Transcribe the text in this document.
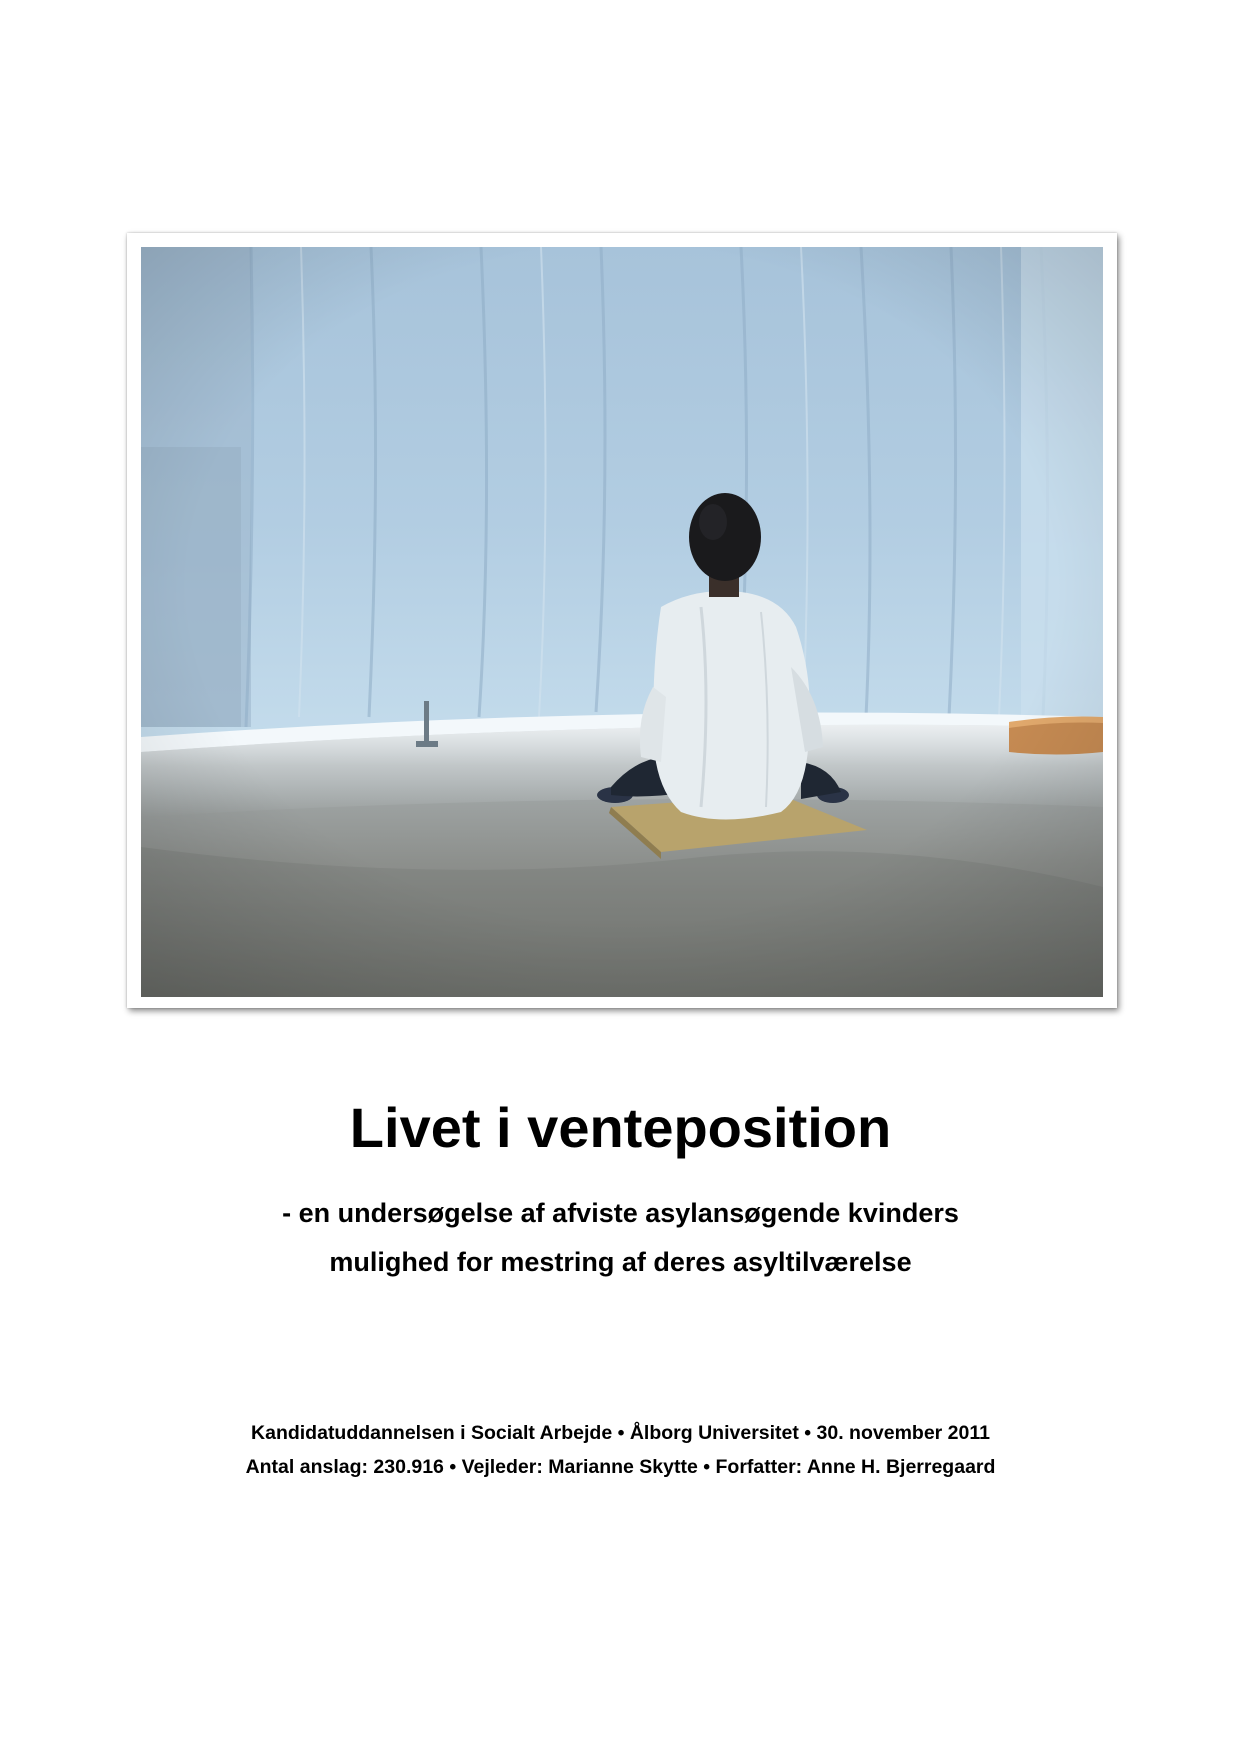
Livet i venteposition
- en undersøgelse af afviste asylansøgende kvinders
mulighed for mestring af deres asyltilværelse
Kandidatuddannelsen i Socialt Arbejde • Ålborg Universitet • 30. november 2011
Antal anslag: 230.916 • Vejleder: Marianne Skytte • Forfatter: Anne H. Bjerregaard
